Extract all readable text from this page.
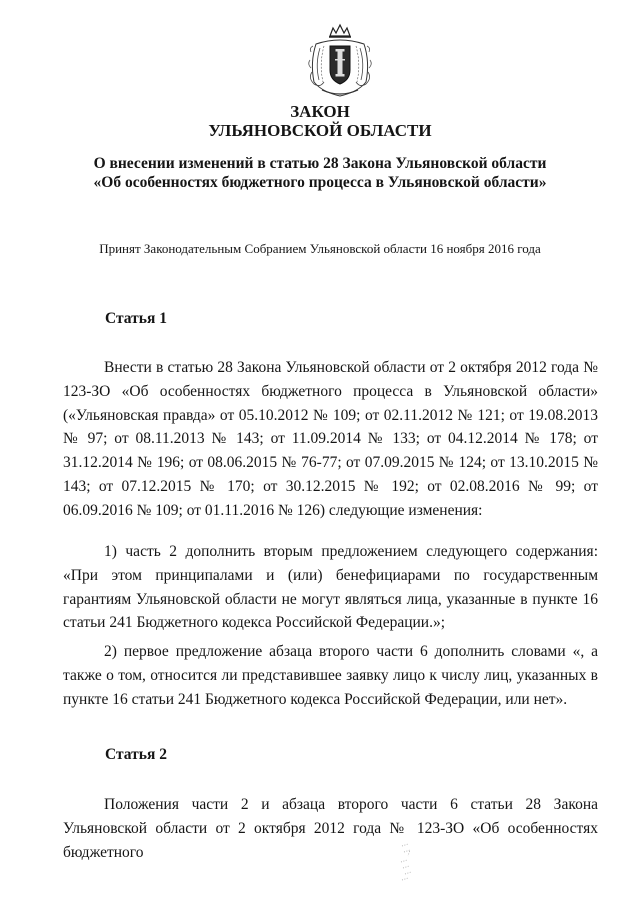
ЗАКОН
УЛЬЯНОВСКОЙ ОБЛАСТИ
О внесении изменений в статью 28 Закона Ульяновской области
«Об особенностях бюджетного процесса в Ульяновской области»
Принят Законодательным Собранием Ульяновской области 16 ноября 2016 года
Статья 1
Внести в статью 28 Закона Ульяновской области от 2 октября 2012 года № 123-ЗО «Об особенностях бюджетного процесса в Ульяновской области» («Ульяновская правда» от 05.10.2012 № 109; от 02.11.2012 № 121; от 19.08.2013 № 97; от 08.11.2013 № 143; от 11.09.2014 № 133; от 04.12.2014 № 178; от 31.12.2014 № 196; от 08.06.2015 № 76-77; от 07.09.2015 № 124; от 13.10.2015 № 143; от 07.12.2015 № 170; от 30.12.2015 № 192; от 02.08.2016 № 99; от 06.09.2016 № 109; от 01.11.2016 № 126) следующие изменения:
1) часть 2 дополнить вторым предложением следующего содержания: «При этом принципалами и (или) бенефициарами по государственным гарантиям Ульяновской области не могут являться лица, указанные в пункте 16 статьи 241 Бюджетного кодекса Российской Федерации.»;
2) первое предложение абзаца второго части 6 дополнить словами «, а также о том, относится ли представившее заявку лицо к числу лиц, указанных в пункте 16 статьи 241 Бюджетного кодекса Российской Федерации, или нет».
Статья 2
Положения части 2 и абзаца второго части 6 статьи 28 Закона Ульяновской области от 2 октября 2012 года № 123-ЗО «Об особенностях бюджетного
